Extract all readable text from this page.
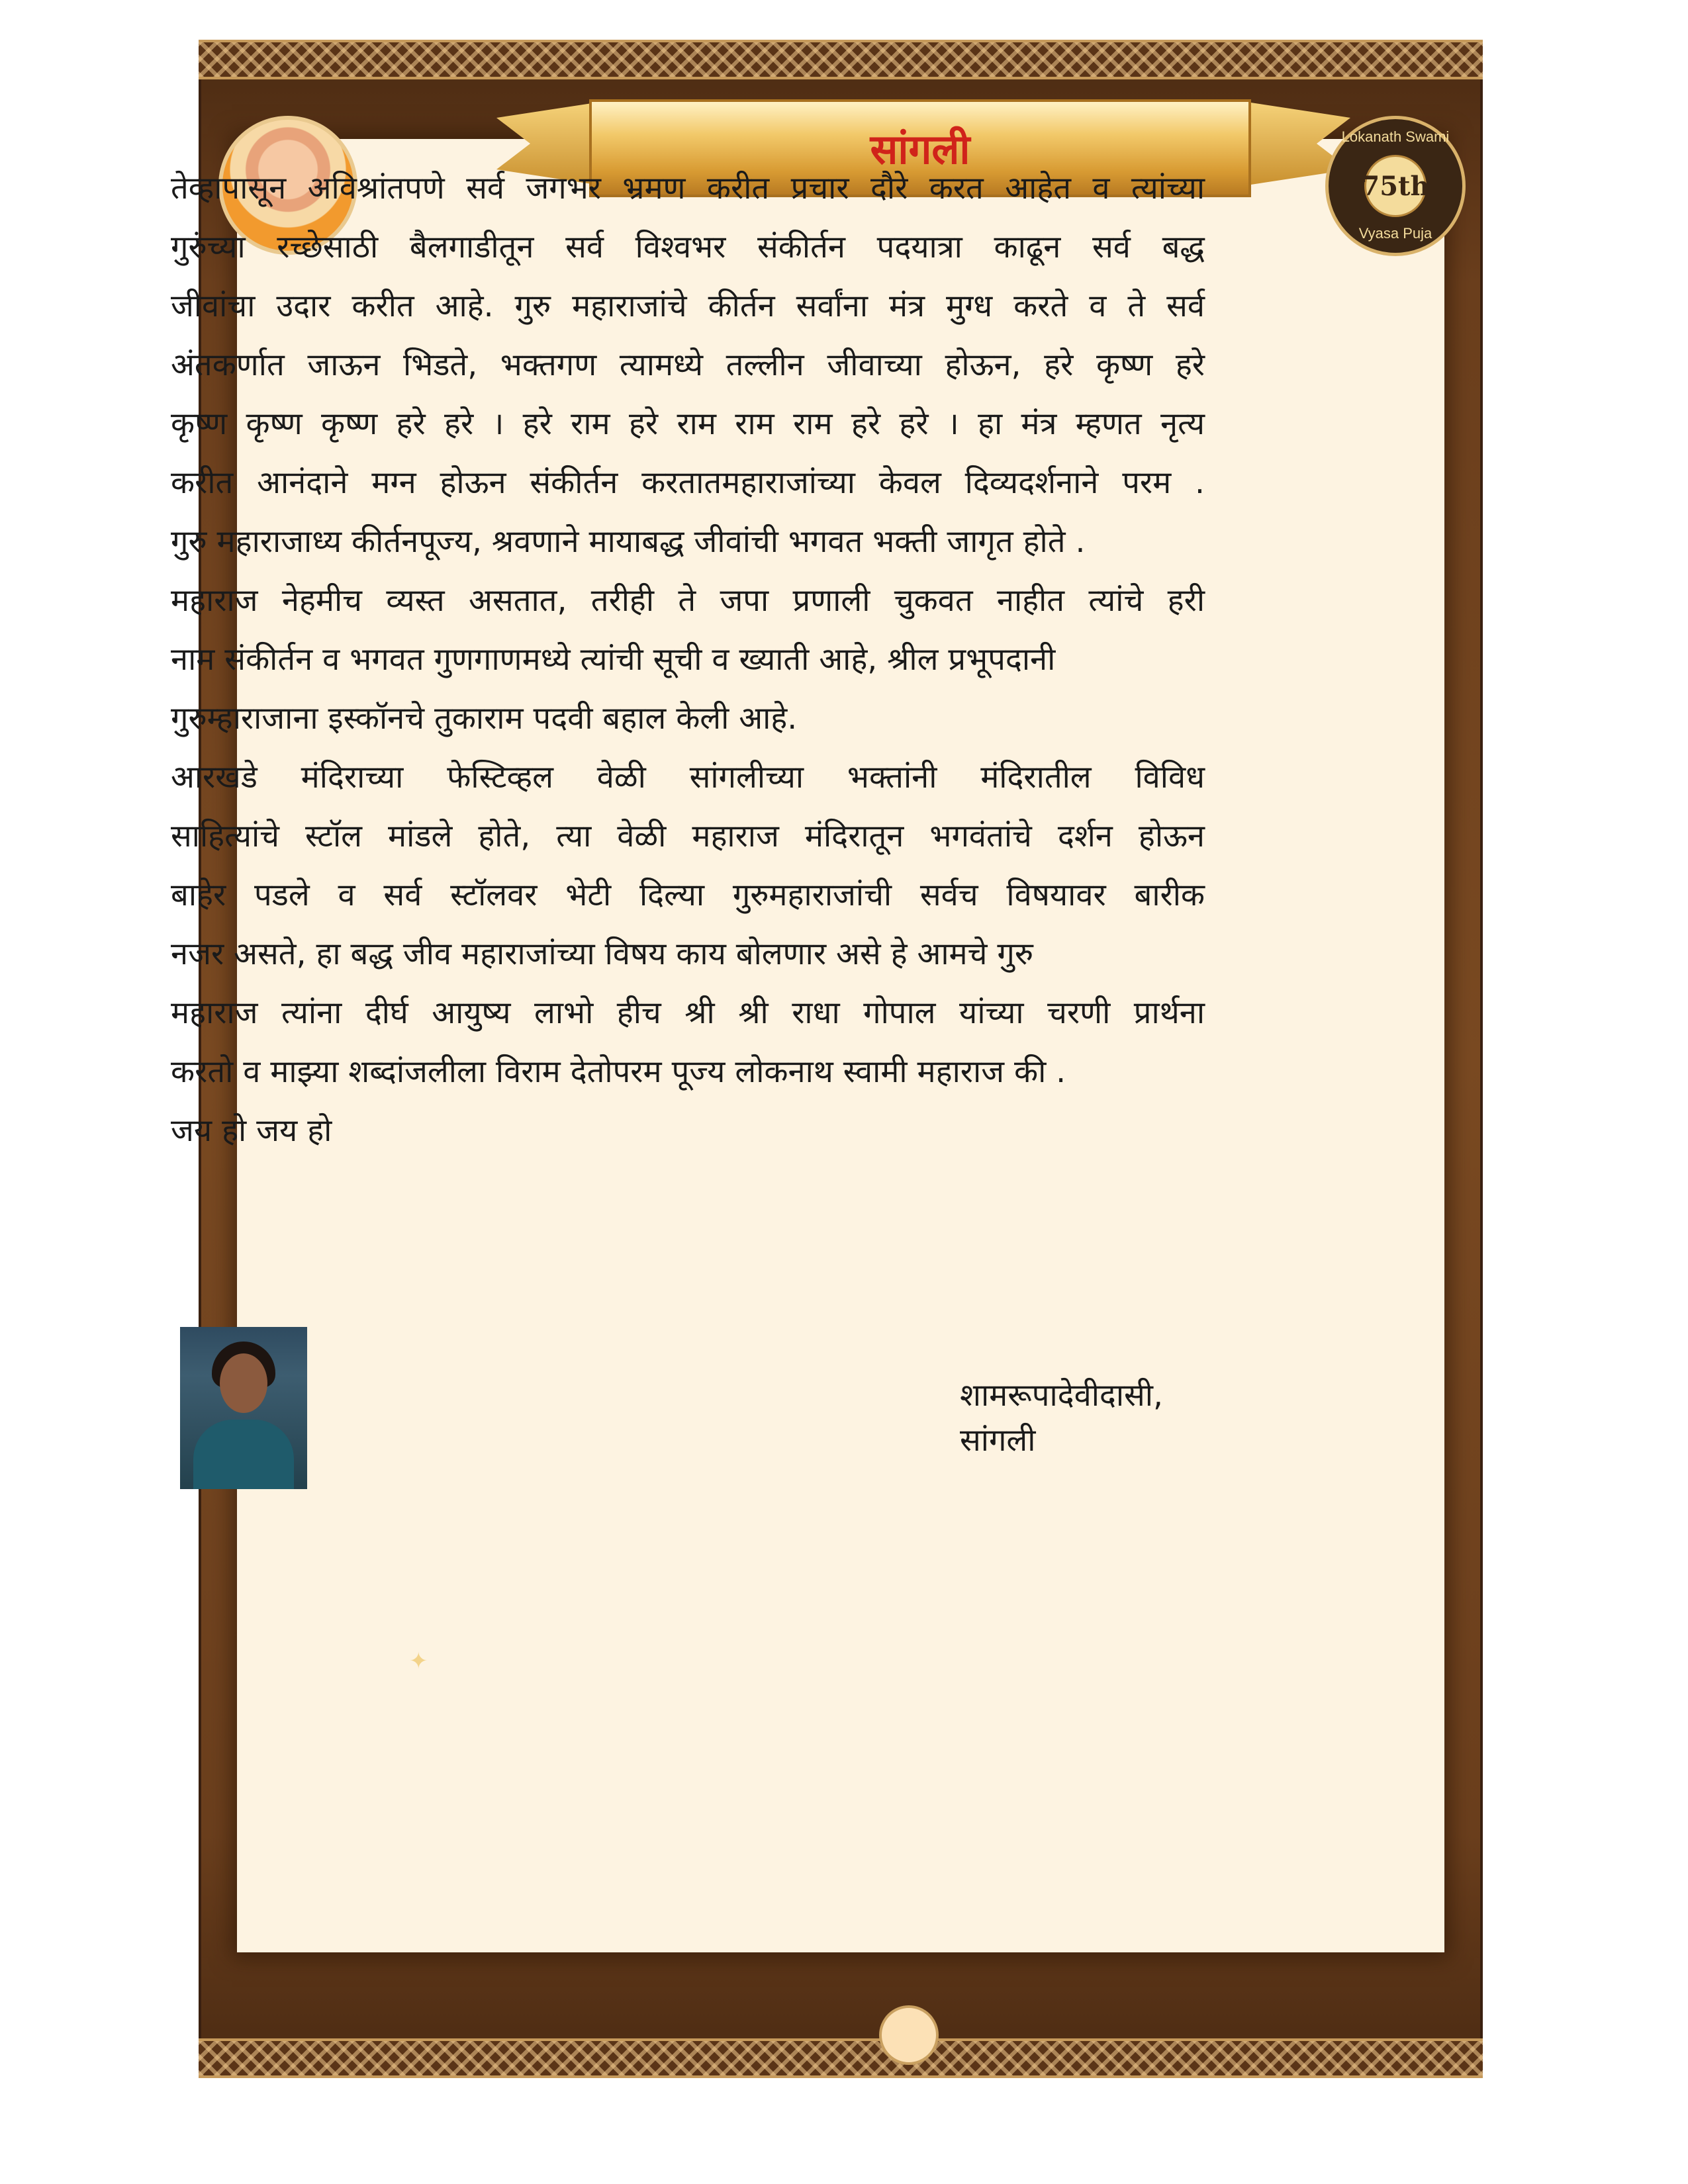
सांगली	Lokanath Swami
75th
Vyasa Puja
✦
तेव्हापासून अविश्रांतपणे सर्व जगभर भ्रमण करीत प्रचार दौरे करत आहेत व त्यांच्या
गुरुंच्या रच्छेसाठी बैलगाडीतून सर्व विश्वभर संकीर्तन पदयात्रा काढून सर्व बद्ध
जीवांचा उदार करीत आहे. गुरु महाराजांचे कीर्तन सर्वांना मंत्र मुग्ध करते व ते सर्व
अंतकर्णात जाऊन भिडते, भक्तगण त्यामध्ये तल्लीन जीवाच्या होऊन, हरे कृष्ण हरे
कृष्ण कृष्ण कृष्ण हरे हरे । हरे राम हरे राम राम राम हरे हरे । हा मंत्र म्हणत नृत्य
करीत आनंदाने मग्न होऊन संकीर्तन करतातमहाराजांच्या केवल दिव्यदर्शनाने परम .
गुरु महाराजाध्य कीर्तनपूज्य, श्रवणाने मायाबद्ध जीवांची भगवत भक्ती जागृत होते .
महाराज नेहमीच व्यस्त असतात, तरीही ते जपा प्रणाली चुकवत नाहीत त्यांचे हरी
नाम संकीर्तन व भगवत गुणगाणमध्ये त्यांची सूची व ख्याती आहे, श्रील प्रभूपदानी
गुरुम्हाराजाना इस्कॉनचे तुकाराम पदवी बहाल केली आहे.
आरखडे मंदिराच्या फेस्टिव्हल वेळी सांगलीच्या भक्तांनी मंदिरातील विविध
साहित्यांचे स्टॉल मांडले होते, त्या वेळी महाराज मंदिरातून भगवंतांचे दर्शन होऊन
बाहेर पडले व सर्व स्टॉलवर भेटी दिल्या गुरुमहाराजांची सर्वच विषयावर बारीक
नजर असते, हा बद्ध जीव महाराजांच्या विषय काय बोलणार असे हे आमचे गुरु
महाराज त्यांना दीर्घ आयुष्य लाभो हीच श्री श्री राधा गोपाल यांच्या चरणी प्रार्थना
करतो व माझ्या शब्दांजलीला विराम देतोपरम पूज्य लोकनाथ स्वामी महाराज की .
जय हो जय हो
शामरूपादेवीदासी,
सांगली
